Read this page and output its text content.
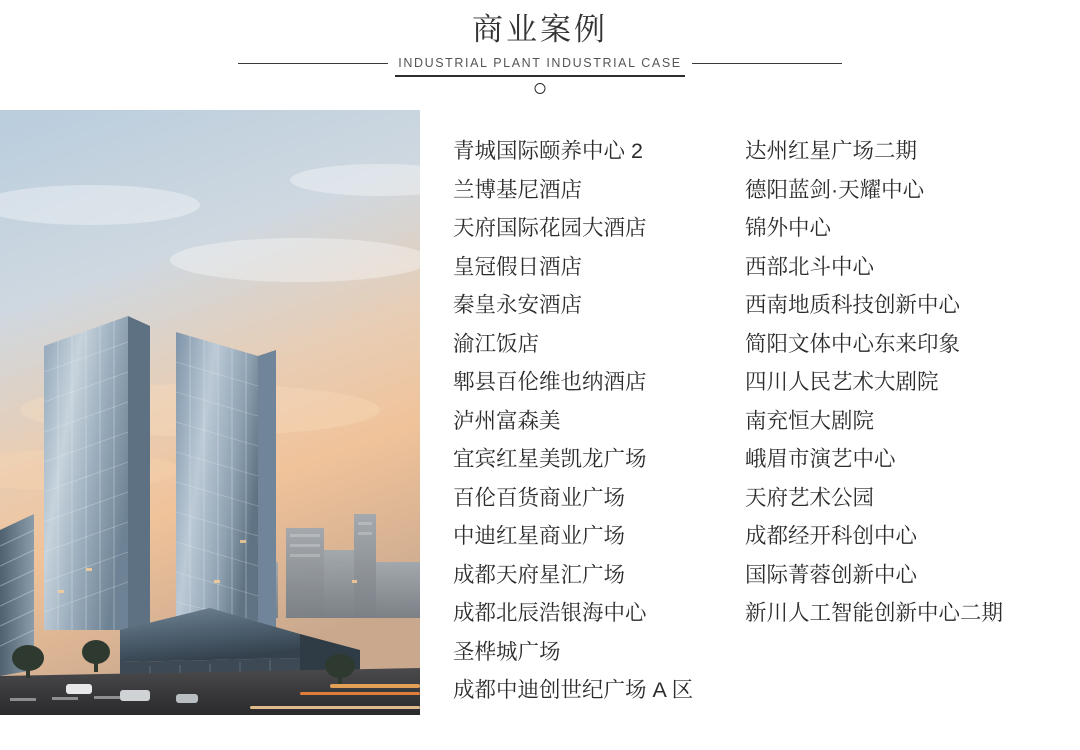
商业案例
INDUSTRIAL PLANT INDUSTRIAL CASE
青城国际颐养中心 2
兰博基尼酒店
天府国际花园大酒店
皇冠假日酒店
秦皇永安酒店
渝江饭店
郫县百伦维也纳酒店
泸州富森美
宜宾红星美凯龙广场
百伦百货商业广场
中迪红星商业广场
成都天府星汇广场
成都北辰浩银海中心
圣桦城广场
成都中迪创世纪广场 A 区
达州红星广场二期
德阳蓝剑·天耀中心
锦外中心
西部北斗中心
西南地质科技创新中心
简阳文体中心东来印象
四川人民艺术大剧院
南充恒大剧院
峨眉市演艺中心
天府艺术公园
成都经开科创中心
国际菁蓉创新中心
新川人工智能创新中心二期
